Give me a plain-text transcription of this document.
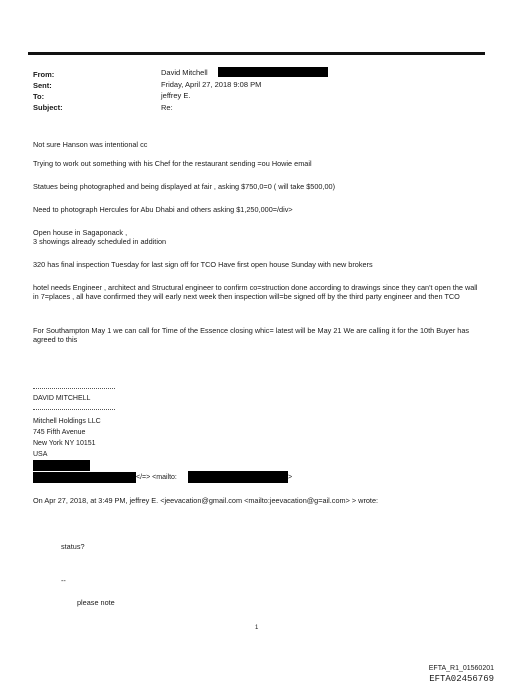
From:	David Mitchell
Sent:	Friday, April 27, 2018 9:08 PM
To:	jeffrey E.
Subject:	Re:
Not sure Hanson was intentional cc
Trying to work out something with his Chef for the restaurant sending =ou Howie email
Statues being photographed and being displayed at fair , asking $750,0=0 ( will take $500,00)
Need to photograph Hercules for Abu Dhabi and others asking $1,250,000=/div>
Open house in Sagaponack ,
3 showings already scheduled in addition
320 has final inspection Tuesday for last sign off for TCO Have first open house Sunday with new brokers
hotel needs Engineer , architect and Structural engineer to confirm co=struction done according to drawings since they can't open the wall in 7=places , all have confirmed they will early next week then inspection will=be signed off by the third party engineer and then TCO
For Southampton May 1 we can call for Time of the Essence closing whic= latest will be May 21 We are calling it for the 10th Buyer has agreed to this
DAVID MITCHELL
Mitchell Holdings LLC
745 Fifth Avenue
New York NY 10151
USA
</=> <mailto:	>
On Apr 27, 2018, at 3:49 PM, jeffrey E. <jeevacation@gmail.com <mailto:jeevacation@g=ail.com> > wrote:
status?
--
please note
1
EFTA_R1_01560201
EFTA02456769
